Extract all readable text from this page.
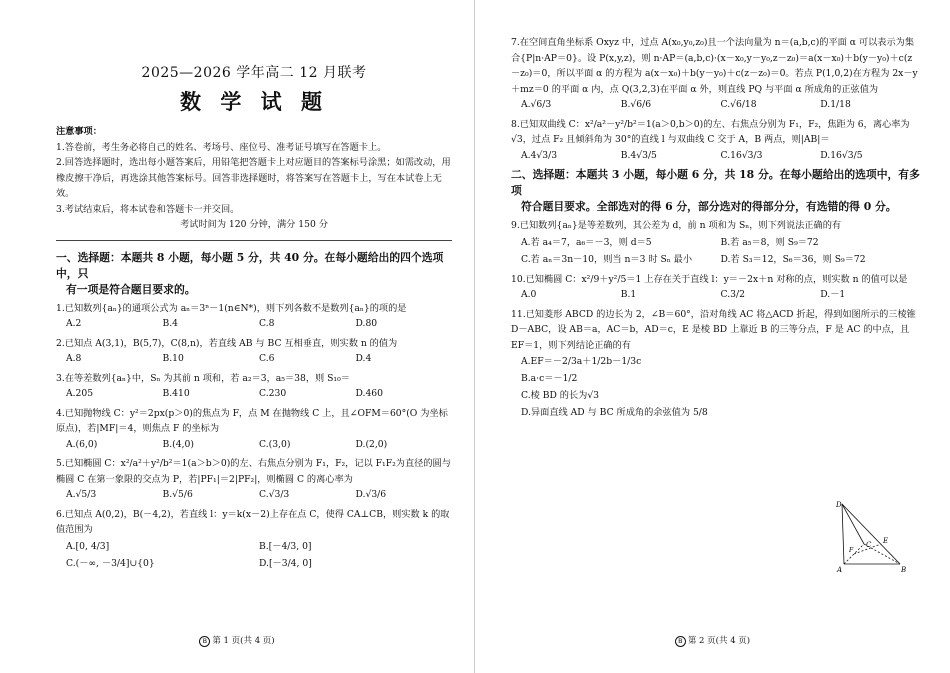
2025—2026 学年高二 12 月联考

数 学 试 题

注意事项：

1.答卷前，考生务必将自己的姓名、考场号、座位号、准考证号填写在答题卡上。

2.回答选择题时，选出每小题答案后，用铅笔把答题卡上对应题目的答案标号涂黑；如需改动，用橡皮擦干净后，再选涂其他答案标号。回答非选择题时，将答案写在答题卡上，写在本试卷上无效。

3.考试结束后，将本试卷和答题卡一并交回。

考试时间为 120 分钟，满分 150 分

一、选择题：本题共 8 小题，每小题 5 分，共 40 分。在每小题给出的四个选项中，只
有一项是符合题目要求的。

1.已知数列{aₙ}的通项公式为 aₙ＝3ⁿ－1(n∈N*)，则下列各数不是数列{aₙ}的项的是

A.2	B.4	C.8	D.80

2.已知点 A(3,1)，B(5,7)，C(8,n)，若直线 AB 与 BC 互相垂直，则实数 n 的值为

A.8	B.10	C.6	D.4

3.在等差数列{aₙ}中，Sₙ 为其前 n 项和，若 a₂＝3，a₅＝38，则 S₁₀＝

A.205	B.410	C.230	D.460

4.已知抛物线 C：y²＝2px(p＞0)的焦点为 F，点 M 在抛物线 C 上，且∠OFM＝60°(O 为坐标原点)，若|MF|＝4，则焦点 F 的坐标为

A.(6,0)	B.(4,0)	C.(3,0)	D.(2,0)

5.已知椭圆 C：x²/a²＋y²/b²＝1(a＞b＞0)的左、右焦点分别为 F₁，F₂，记以 F₁F₂为直径的圆与椭圆 C 在第一象限的交点为 P，若|PF₁|＝2|PF₂|，则椭圆 C 的离心率为

A.√5/3	B.√5/6	C.√3/3	D.√3/6

6.已知点 A(0,2)，B(－4,2)，若直线 l：y＝k(x－2)上存在点 C，使得 CA⊥CB，则实数 k 的取值范围为

A.[0, 4/3]	B.[－4/3, 0]
C.(－∞, －3/4]∪{0}	D.[－3/4, 0]
B 第 1 页(共 4 页)

7.在空间直角坐标系 Oxyz 中，过点 A(x₀,y₀,z₀)且一个法向量为 n＝(a,b,c)的平面 α 可以表示为集合{P|n·AP＝0}。设 P(x,y,z)，则 n·AP＝(a,b,c)·(x－x₀,y－y₀,z－z₀)＝a(x－x₀)＋b(y－y₀)＋c(z－z₀)＝0，所以平面 α 的方程为 a(x－x₀)＋b(y－y₀)＋c(z－z₀)＝0。若点 P(1,0,2)在方程为 2x－y＋mz＝0 的平面 α 内，点 Q(3,2,3)在平面 α 外，则直线 PQ 与平面 α 所成角的正弦值为

A.√6/3	B.√6/6	C.√6/18	D.1/18

8.已知双曲线 C：x²/a²－y²/b²＝1(a＞0,b＞0)的左、右焦点分别为 F₁，F₂，焦距为 6，离心率为√3，过点 F₂ 且倾斜角为 30°的直线 l 与双曲线 C 交于 A，B 两点，则|AB|＝

A.4√3/3	B.4√3/5	C.16√3/3	D.16√3/5

二、选择题：本题共 3 小题，每小题 6 分，共 18 分。在每小题给出的选项中，有多项
符合题目要求。全部选对的得 6 分，部分选对的得部分分，有选错的得 0 分。

9.已知数列{aₙ}是等差数列，其公差为 d，前 n 项和为 Sₙ，则下列说法正确的有

A.若 a₄＝7，a₆＝－3，则 d＝5	B.若 a₅＝8，则 S₉＝72
C.若 aₙ＝3n－10，则当 n＝3 时 Sₙ 最小	D.若 S₃＝12，S₆＝36，则 S₉＝72

10.已知椭圆 C：x²/9＋y²/5＝1 上存在关于直线 l：y＝－2x＋n 对称的点，则实数 n 的值可以是

A.0	B.1	C.3/2	D.－1

11.已知菱形 ABCD 的边长为 2，∠B＝60°，沿对角线 AC 将△ACD 折起，得到如图所示的三棱锥 D－ABC，设 AB＝a，AC＝b，AD＝c，E 是棱 BD 上靠近 B 的三等分点，F 是 AC 的中点，且 EF＝1，则下列结论正确的有

A.EF＝－2/3a＋1/2b－1/3c
B.a·c＝－1/2
C.棱 BD 的长为√3
D.异面直线 AD 与 BC 所成角的余弦值为 5/8
D
E
F
C
A	B
B 第 2 页(共 4 页)
